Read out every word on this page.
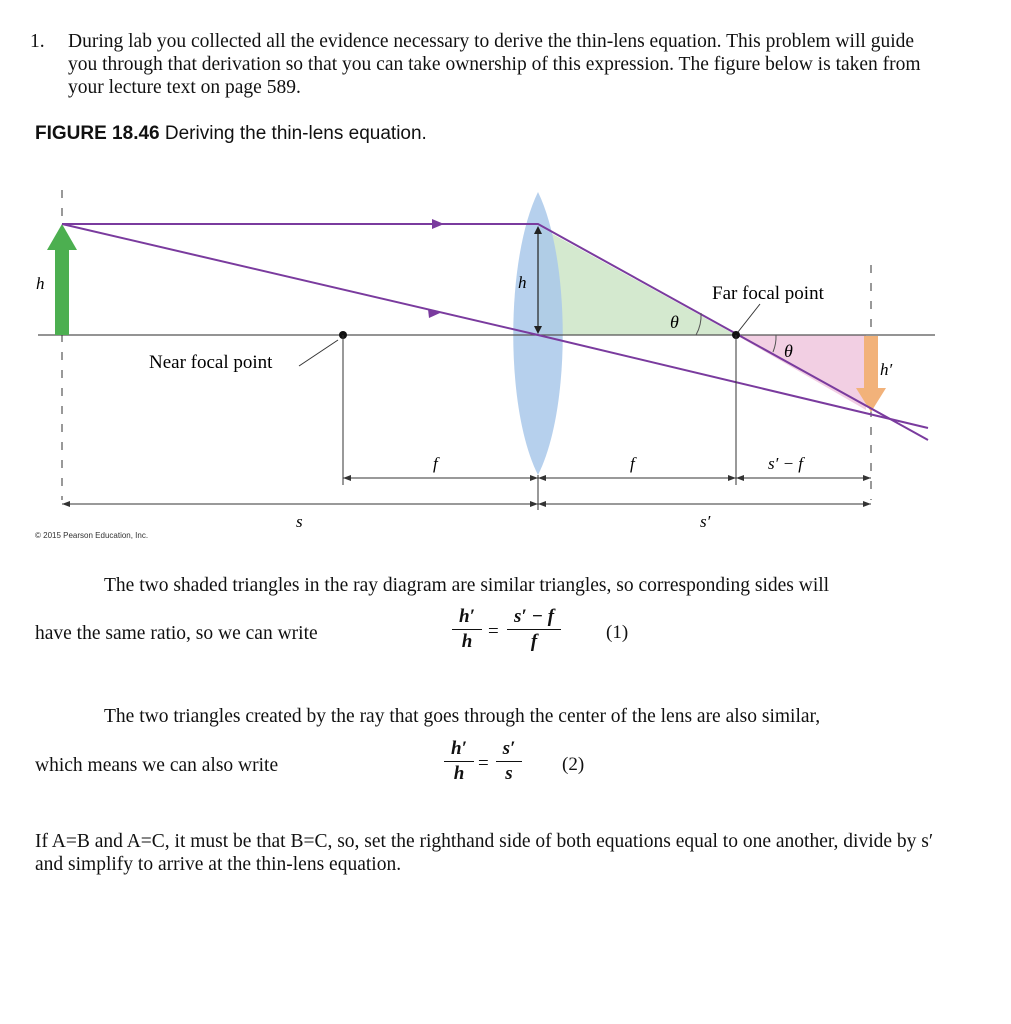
1. During lab you collected all the evidence necessary to derive the thin-lens equation. This problem will guide you through that derivation so that you can take ownership of this expression. The figure below is taken from your lecture text on page 589.
FIGURE 18.46 Deriving the thin-lens equation.
h	h
h′
Near focal point
Far focal point
θ
θ
f	f	s′ − f
s	s′
© 2015 Pearson Education, Inc.
The two shaded triangles in the ray diagram are similar triangles, so corresponding sides will
have the same ratio, so we can write
h′
h =
s′ − f
f	(1)
The two triangles created by the ray that goes through the center of the lens are also similar,
which means we can also write
h′
h =
s′
s	(2)
If A=B and A=C, it must be that B=C, so, set the righthand side of both equations equal to one another, divide by s′ and simplify to arrive at the thin-lens equation.
